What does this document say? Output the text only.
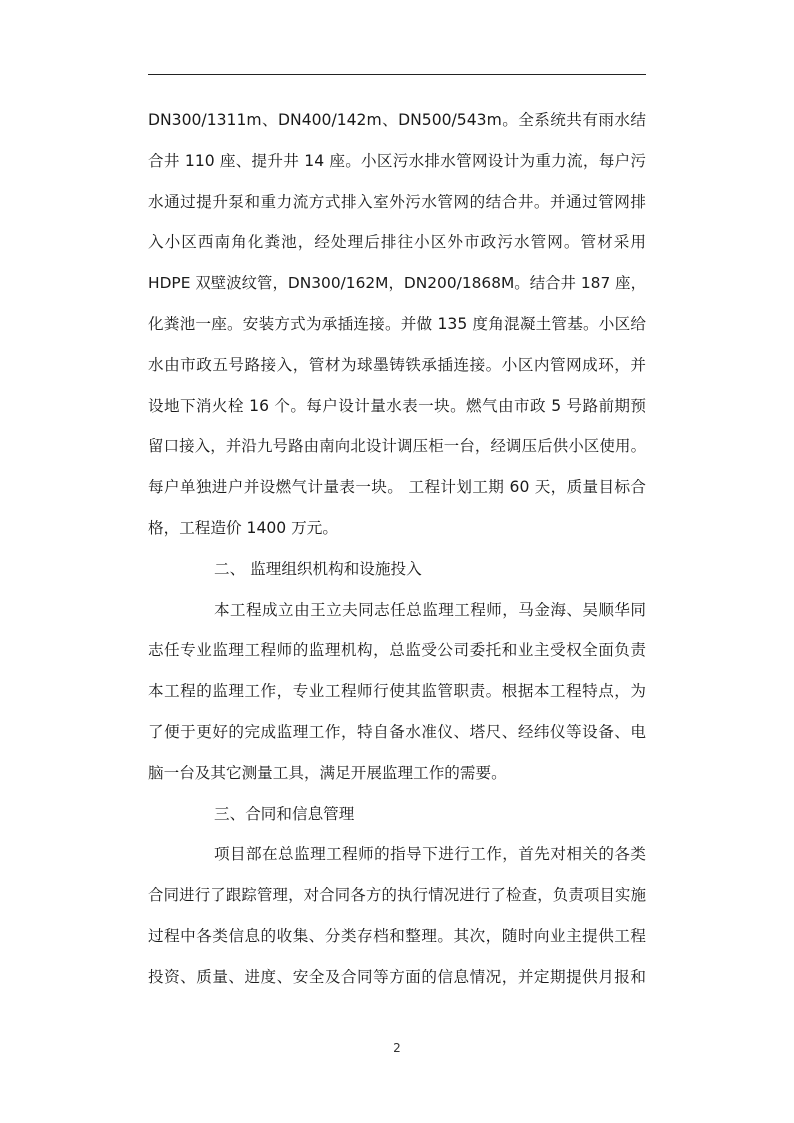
DN300/1311m、DN400/142m、DN500/543m。全系统共有雨水结
合井 110 座、提升井 14 座。小区污水排水管网设计为重力流，每户污
水通过提升泵和重力流方式排入室外污水管网的结合井。并通过管网排
入小区西南角化粪池，经处理后排往小区外市政污水管网。管材采用
HDPE 双壁波纹管，DN300/162M，DN200/1868M。结合井 187 座，
化粪池一座。安装方式为承插连接。并做 135 度角混凝土管基。小区给
水由市政五号路接入，管材为球墨铸铁承插连接。小区内管网成环，并
设地下消火栓 16 个。每户设计量水表一块。燃气由市政 5 号路前期预
留口接入，并沿九号路由南向北设计调压柜一台，经调压后供小区使用。
每户单独进户并设燃气计量表一块。 工程计划工期 60 天，质量目标合
格，工程造价 1400 万元。
二、 监理组织机构和设施投入
本工程成立由王立夫同志任总监理工程师，马金海、吴顺华同
志任专业监理工程师的监理机构，总监受公司委托和业主受权全面负责
本工程的监理工作，专业工程师行使其监管职责。根据本工程特点，为
了便于更好的完成监理工作，特自备水准仪、塔尺、经纬仪等设备、电
脑一台及其它测量工具，满足开展监理工作的需要。
三、合同和信息管理
项目部在总监理工程师的指导下进行工作，首先对相关的各类
合同进行了跟踪管理，对合同各方的执行情况进行了检查，负责项目实施
过程中各类信息的收集、分类存档和整理。其次，随时向业主提供工程
投资、质量、进度、安全及合同等方面的信息情况，并定期提供月报和
2
